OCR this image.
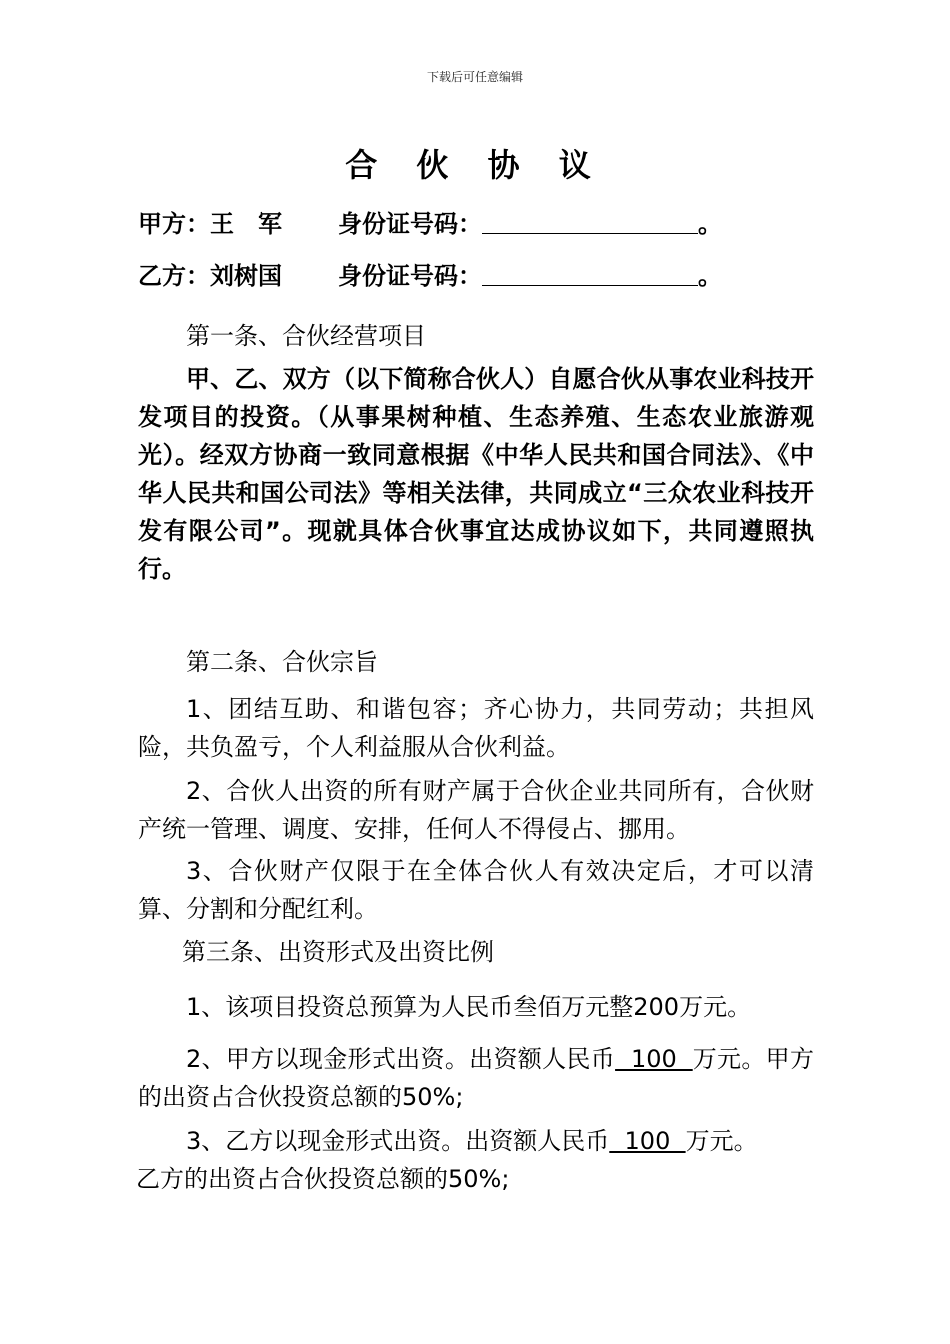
下载后可任意编辑
合 伙 协 议
甲方：王　军 身份证号码：	。
乙方：刘树国 身份证号码：	。
第一条、合伙经营项目

甲、乙、双方（以下简称合伙人）自愿合伙从事农业科技开发项目的投资。（从事果树种植、生态养殖、生态农业旅游观光）。经双方协商一致同意根据《中华人民共和国合同法》、《中华人民共和国公司法》等相关法律，共同成立“三众农业科技开发有限公司”。现就具体合伙事宜达成协议如下，共同遵照执行。

第二条、合伙宗旨

1、团结互助、和谐包容；齐心协力，共同劳动；共担风险，共负盈亏，个人利益服从合伙利益。

2、合伙人出资的所有财产属于合伙企业共同所有，合伙财产统一管理、调度、安排，任何人不得侵占、挪用。

3、合伙财产仅限于在全体合伙人有效决定后，才可以清算、分割和分配红利。

第三条、出资形式及出资比例

1、该项目投资总预算为人民币叁佰万元整200万元。

2、甲方以现金形式出资。出资额人民币  100  万元。甲方的出资占合伙投资总额的50%;

3、乙方以现金形式出资。出资额人民币  100  万元。

乙方的出资占合伙投资总额的50%;
